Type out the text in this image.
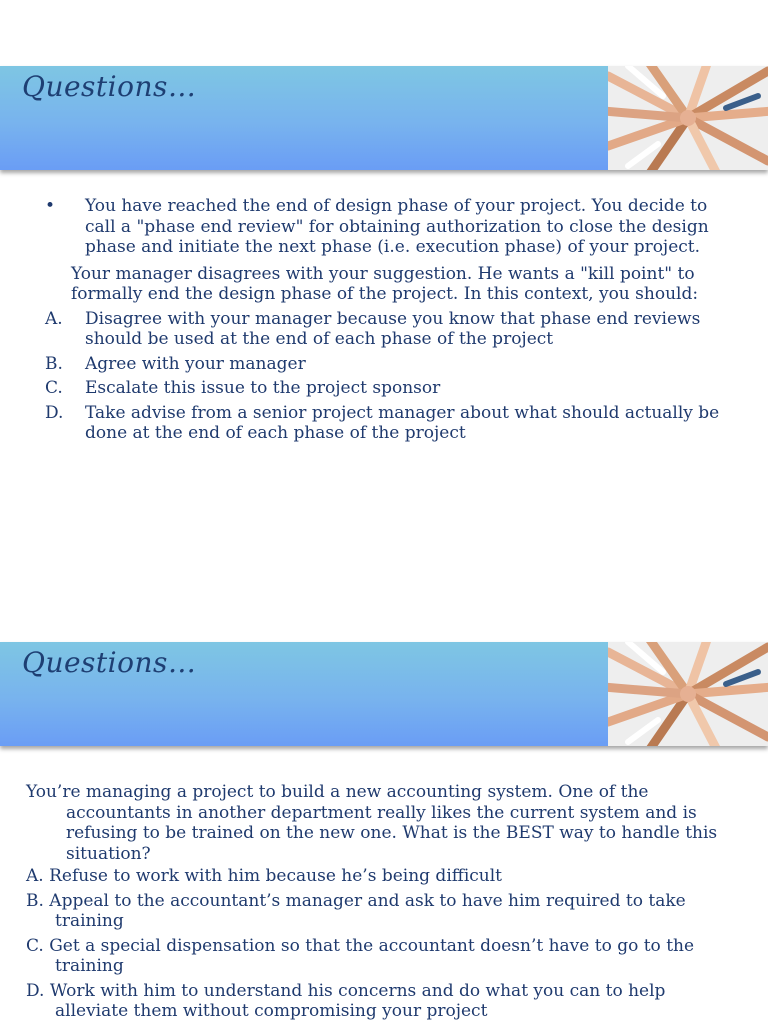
Questions…
•	You have reached the end of design phase of your project. You decide to call a "phase end review" for obtaining authorization to close the design phase and initiate the next phase (i.e. execution phase) of your project.
Your manager disagrees with your suggestion. He wants a "kill point" to formally end the design phase of the project. In this context, you should:
A.	Disagree with your manager because you know that phase end reviews should be used at the end of each phase of the project
B.	Agree with your manager
C.	Escalate this issue to the project sponsor
D.	Take advise from a senior project manager about what should actually be done at the end of each phase of the project
Questions…
You’re managing a project to build a new accounting system. One of the accountants in another department really likes the current system and is refusing to be trained on the new one. What is the BEST way to handle this situation?
A. Refuse to work with him because he’s being difficult
B. Appeal to the accountant’s manager and ask to have him required to take training
C. Get a special dispensation so that the accountant doesn’t have to go to the training
D. Work with him to understand his concerns and do what you can to help alleviate them without compromising your project
